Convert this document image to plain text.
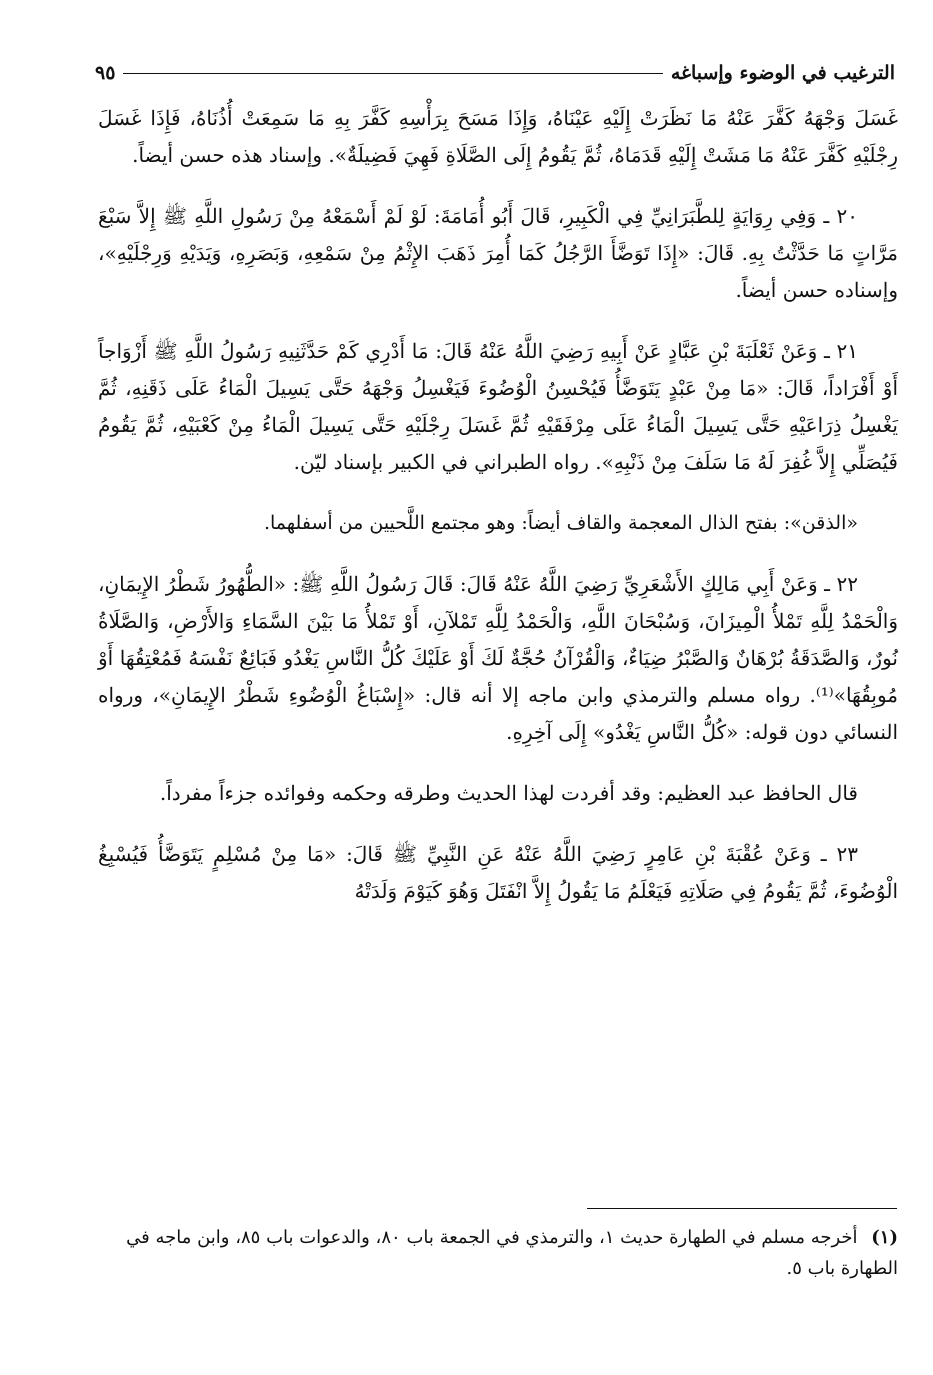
الترغيب في الوضوء وإسباغه
٩٥

غَسَلَ وَجْهَهُ كَفَّرَ عَنْهُ مَا نَظَرَتْ إِلَيْهِ عَيْنَاهُ، وَإِذَا مَسَحَ بِرَأْسِهِ كَفَّرَ بِهِ مَا سَمِعَتْ أُذُنَاهُ، فَإِذَا غَسَلَ رِجْلَيْهِ كَفَّرَ عَنْهُ مَا مَشَتْ إِلَيْهِ قَدَمَاهُ، ثُمَّ يَقُومُ إِلَى الصَّلَاةِ فَهِيَ فَضِيلَةٌ». وإسناد هذه حسن أيضاً.

٢٠ ـ وَفِي رِوَايَةٍ لِلطَّبَرَانِيِّ فِي الْكَبِيرِ، قَالَ أَبُو أُمَامَةَ: لَوْ لَمْ أَسْمَعْهُ مِنْ رَسُولِ اللَّهِ ﷺ إِلاَّ سَبْعَ مَرَّاتٍ مَا حَدَّثْتُ بِهِ. قَالَ: «إِذَا تَوَضَّأَ الرَّجُلُ كَمَا أُمِرَ ذَهَبَ الإِثْمُ مِنْ سَمْعِهِ، وَبَصَرِهِ، وَيَدَيْهِ وَرِجْلَيْهِ»، وإسناده حسن أيضاً.

٢١ ـ وَعَنْ ثَعْلَبَةَ بْنِ عَبَّادٍ عَنْ أَبِيهِ رَضِيَ اللَّهُ عَنْهُ قَالَ: مَا أَدْرِي كَمْ حَدَّثَنِيهِ رَسُولُ اللَّهِ ﷺ أَزْوَاجاً أَوْ أَفْرَاداً، قَالَ: «مَا مِنْ عَبْدٍ يَتَوَضَّأُ فَيُحْسِنُ الْوُضُوءَ فَيَغْسِلُ وَجْهَهُ حَتَّى يَسِيلَ الْمَاءُ عَلَى ذَقَنِهِ، ثُمَّ يَغْسِلُ ذِرَاعَيْهِ حَتَّى يَسِيلَ الْمَاءُ عَلَى مِرْفَقَيْهِ ثُمَّ غَسَلَ رِجْلَيْهِ حَتَّى يَسِيلَ الْمَاءُ مِنْ كَعْبَيْهِ، ثُمَّ يَقُومُ فَيُصَلِّي إِلاَّ غُفِرَ لَهُ مَا سَلَفَ مِنْ ذَنْبِهِ». رواه الطبراني في الكبير بإسناد ليّن.

«الذقن»: بفتح الذال المعجمة والقاف أيضاً: وهو مجتمع اللَّحيين من أسفلهما.

٢٢ ـ وَعَنْ أَبِي مَالِكٍ الأَشْعَرِيِّ رَضِيَ اللَّهُ عَنْهُ قَالَ: قَالَ رَسُولُ اللَّهِ ﷺ: «الطُّهُورُ شَطْرُ الإِيمَانِ، وَالْحَمْدُ لِلَّهِ تَمْلأُ الْمِيزَانَ، وَسُبْحَانَ اللَّهِ، وَالْحَمْدُ لِلَّهِ تَمْلآنِ، أَوْ تَمْلأُ مَا بَيْنَ السَّمَاءِ وَالأَرْضِ، وَالصَّلَاةُ نُورٌ، وَالصَّدَقَةُ بُرْهَانٌ وَالصَّبْرُ ضِيَاءٌ، وَالْقُرْآنُ حُجَّةٌ لَكَ أَوْ عَلَيْكَ كُلُّ النَّاسِ يَغْدُو فَبَائِعٌ نَفْسَهُ فَمُعْتِقُهَا أَوْ مُوبِقُهَا»⁽¹⁾. رواه مسلم والترمذي وابن ماجه إلا أنه قال: «إِسْبَاغُ الْوُضُوءِ شَطْرُ الإِيمَانِ»، ورواه النسائي دون قوله: «كُلُّ النَّاسِ يَغْدُو» إِلَى آخِرِهِ.

قال الحافظ عبد العظيم: وقد أفردت لهذا الحديث وطرقه وحكمه وفوائده جزءاً مفرداً.

٢٣ ـ وَعَنْ عُقْبَةَ بْنِ عَامِرٍ رَضِيَ اللَّهُ عَنْهُ عَنِ النَّبِيِّ ﷺ قَالَ: «مَا مِنْ مُسْلِمٍ يَتَوَضَّأُ فَيُسْبِغُ الْوُضُوءَ، ثُمَّ يَقُومُ فِي صَلَاتِهِ فَيَعْلَمُ مَا يَقُولُ إِلاَّ انْفَتَلَ وَهُوَ كَيَوْمَ وَلَدَتْهُ

(١) أخرجه مسلم في الطهارة حديث ١، والترمذي في الجمعة باب ٨٠، والدعوات باب ٨٥، وابن ماجه في الطهارة باب ٥.
